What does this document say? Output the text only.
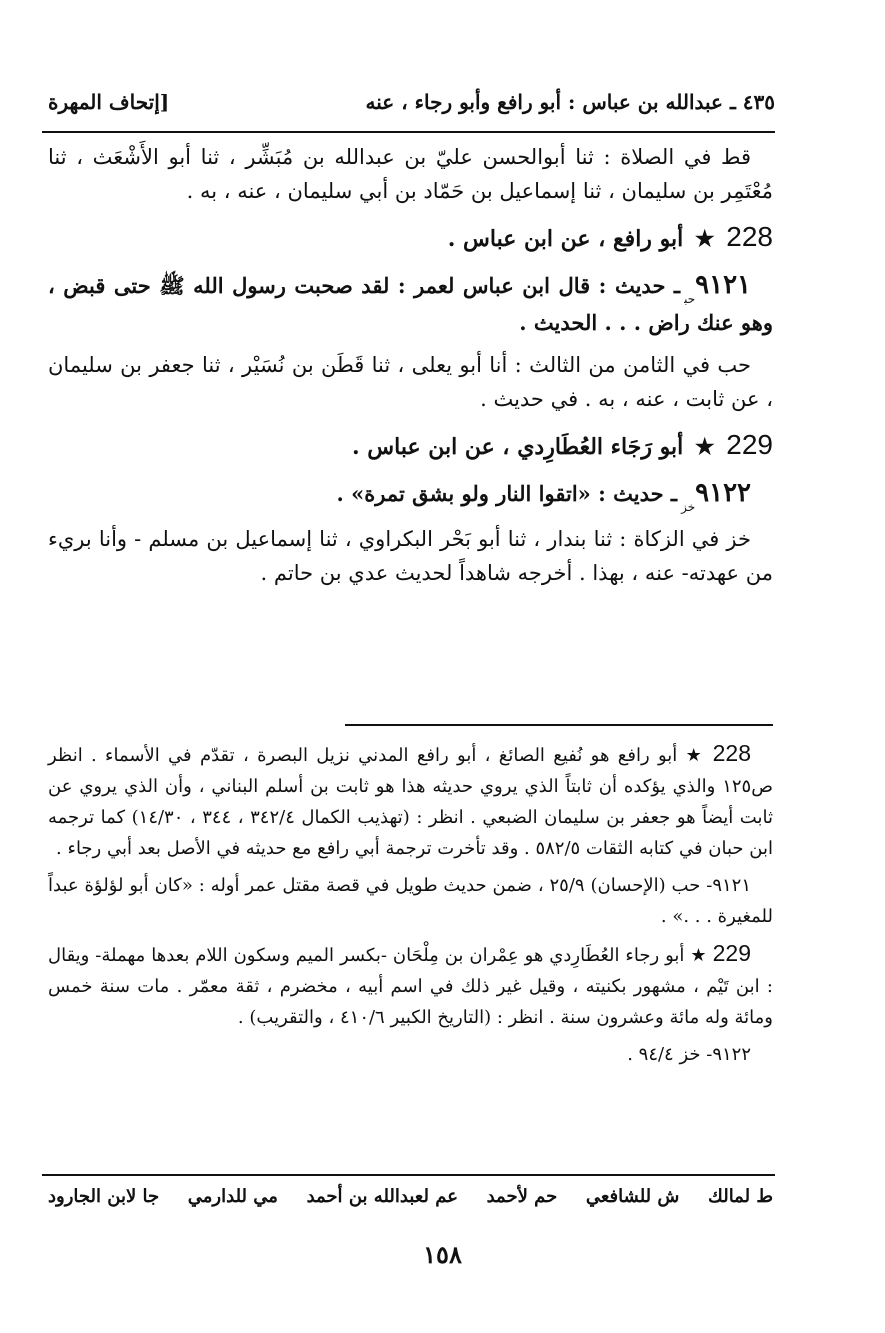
٤٣٥ ـ عبدالله بن عباس : أبو رافع وأبو رجاء ، عنه
[إتحاف المهرة

قط في الصلاة : ثنا أبوالحسن عليّ بن عبدالله بن مُبَشِّر ، ثنا أبو الأَشْعَث ، ثنا مُعْتَمِر بن سليمان ، ثنا إسماعيل بن حَمّاد بن أبي سليمان ، عنه ، به .

228 ★ أبو رافع ، عن ابن عباس .

$٩١٢١_{حب}ـ$ حديث : قال ابن عباس لعمر : لقد صحبت رسول الله ﷺ حتى قبض ، وهو عنك راض . . . الحديث .

حب في الثامن من الثالث : أنا أبو يعلى ، ثنا قَطَن بن نُسَيْر ، ثنا جعفر بن سليمان ، عن ثابت ، عنه ، به . في حديث .

229 ★ أبو رَجَاء العُطَارِدي ، عن ابن عباس .

$٩١٢٢_{خز}ـ$ حديث : «اتقوا النار ولو بشق تمرة» .

خز في الزكاة : ثنا بندار ، ثنا أبو بَحْر البكراوي ، ثنا إسماعيل بن مسلم - وأنا بريء من عهدته- عنه ، بهذا . أخرجه شاهداً لحديث عدي بن حاتم .

228 ★ أبو رافع هو نُفيع الصائغ ، أبو رافع المدني نزيل البصرة ، تقدّم في الأسماء . انظر ص١٢٥ والذي يؤكده أن ثابتاً الذي يروي حديثه هذا هو ثابت بن أسلم البناني ، وأن الذي يروي عن ثابت أيضاً هو جعفر بن سليمان الضبعي . انظر : (تهذيب الكمال ٣٤٢/٤ ، ٣٤٤ ، ١٤/٣٠) كما ترجمه ابن حبان في كتابه الثقات ٥٨٢/٥ . وقد تأخرت ترجمة أبي رافع مع حديثه في الأصل بعد أبي رجاء .

٩١٢١- حب (الإحسان) ٢٥/٩ ، ضمن حديث طويل في قصة مقتل عمر أوله : «كان أبو لؤلؤة عبداً للمغيرة . . .» .

229 ★ أبو رجاء العُطَارِدي هو عِمْران بن مِلْحَان -بكسر الميم وسكون اللام بعدها مهملة- ويقال : ابن تَيْم ، مشهور بكنيته ، وقيل غير ذلك في اسم أبيه ، مخضرم ، ثقة معمّر . مات سنة خمس ومائة وله مائة وعشرون سنة . انظر : (التاريخ الكبير ٤١٠/٦ ، والتقريب) .

٩١٢٢- خز ٩٤/٤ .

ط لمالك
ش للشافعي
حم لأحمد
عم لعبدالله بن أحمد
مي للدارمي
جا لابن الجارود
١٥٨
